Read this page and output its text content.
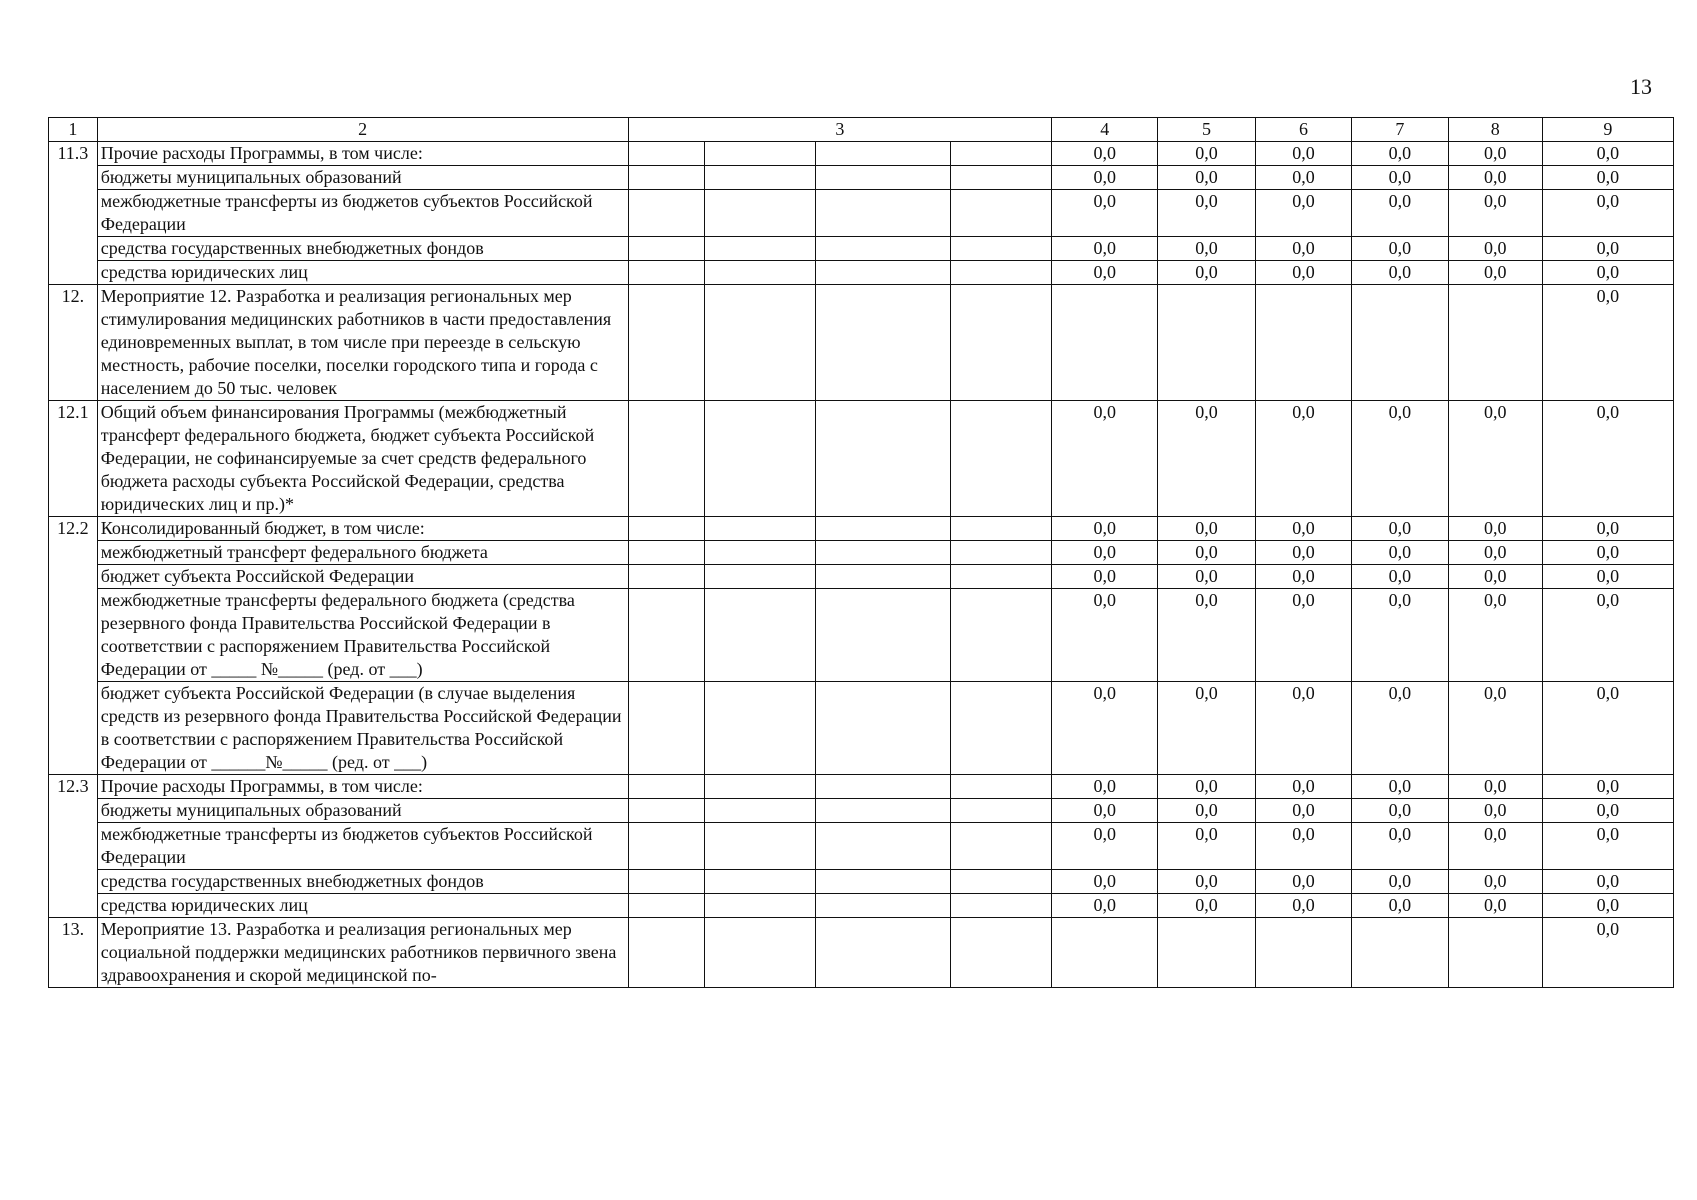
13
1	2	3				4	5	6	7	8	9
11.3	Прочие расходы Программы, в том числе:					0,0	0,0	0,0	0,0	0,0	0,0
	бюджеты муниципальных образований					0,0	0,0	0,0	0,0	0,0	0,0
	межбюджетные трансферты из бюджетов субъектов Российской Федерации					0,0	0,0	0,0	0,0	0,0	0,0
	средства государственных внебюджетных фондов					0,0	0,0	0,0	0,0	0,0	0,0
	средства юридических лиц					0,0	0,0	0,0	0,0	0,0	0,0
12.	Мероприятие 12. Разработка и реализация региональных мер стимулирования медицинских работников в части предоставления единовременных выплат, в том числе при переезде в сельскую местность, рабочие поселки, поселки городского типа и города с населением до 50 тыс. человек										0,0
12.1	Общий объем финансирования Программы (межбюджетный трансферт федерального бюджета, бюджет субъекта Российской Федерации, не софинансируемые за счет средств федерального бюджета расходы субъекта Российской Федерации, средства юридических лиц и пр.)*					0,0	0,0	0,0	0,0	0,0	0,0
12.2	Консолидированный бюджет, в том числе:					0,0	0,0	0,0	0,0	0,0	0,0
	межбюджетный трансферт федерального бюджета					0,0	0,0	0,0	0,0	0,0	0,0
	бюджет субъекта Российской Федерации					0,0	0,0	0,0	0,0	0,0	0,0
	межбюджетные трансферты федерального бюджета (средства резервного фонда Правительства Российской Федерации в соответствии с распоряжением Правительства Российской Федерации от _____ №_____ (ред. от ___)					0,0	0,0	0,0	0,0	0,0	0,0
	бюджет субъекта Российской Федерации (в случае выделения средств из резервного фонда Правительства Российской Федерации в соответствии с распоряжением Правительства Российской Федерации от ______№_____ (ред. от ___)					0,0	0,0	0,0	0,0	0,0	0,0
12.3	Прочие расходы Программы, в том числе:					0,0	0,0	0,0	0,0	0,0	0,0
	бюджеты муниципальных образований					0,0	0,0	0,0	0,0	0,0	0,0
	межбюджетные трансферты из бюджетов субъектов Российской Федерации					0,0	0,0	0,0	0,0	0,0	0,0
	средства государственных внебюджетных фондов					0,0	0,0	0,0	0,0	0,0	0,0
	средства юридических лиц					0,0	0,0	0,0	0,0	0,0	0,0
13.	Мероприятие 13. Разработка и реализация региональных мер социальной поддержки медицинских работников первичного звена здравоохранения и скорой медицинской по-										0,0
